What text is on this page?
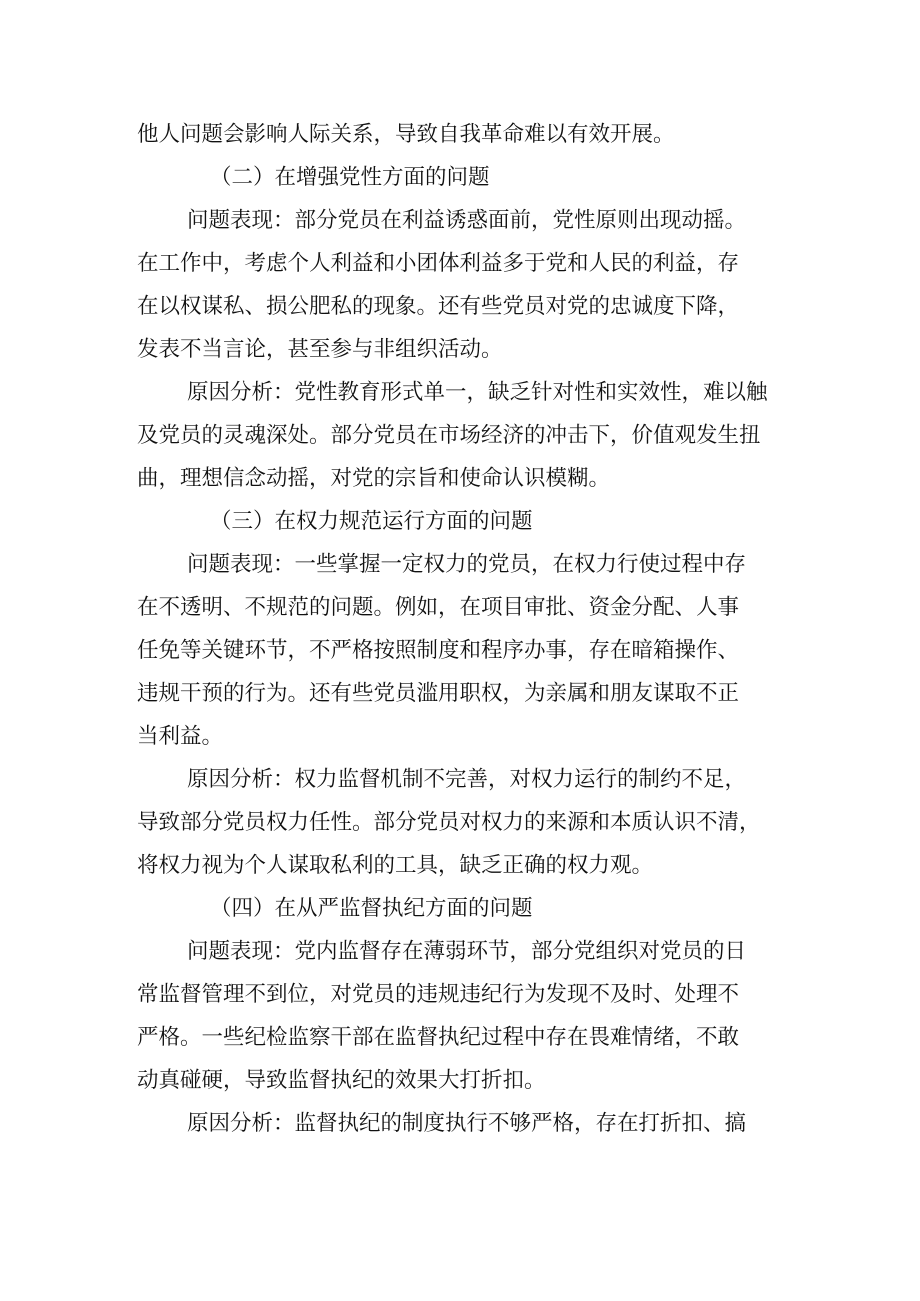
他人问题会影响人际关系，导致自我革命难以有效开展。
（二）在增强党性方面的问题
问题表现：部分党员在利益诱惑面前，党性原则出现动摇。
在工作中，考虑个人利益和小团体利益多于党和人民的利益，存
在以权谋私、损公肥私的现象。还有些党员对党的忠诚度下降，
发表不当言论，甚至参与非组织活动。
原因分析：党性教育形式单一，缺乏针对性和实效性，难以触
及党员的灵魂深处。部分党员在市场经济的冲击下，价值观发生扭
曲，理想信念动摇，对党的宗旨和使命认识模糊。
（三）在权力规范运行方面的问题
问题表现：一些掌握一定权力的党员，在权力行使过程中存
在不透明、不规范的问题。例如，在项目审批、资金分配、人事
任免等关键环节，不严格按照制度和程序办事，存在暗箱操作、
违规干预的行为。还有些党员滥用职权，为亲属和朋友谋取不正
当利益。
原因分析：权力监督机制不完善，对权力运行的制约不足，
导致部分党员权力任性。部分党员对权力的来源和本质认识不清，
将权力视为个人谋取私利的工具，缺乏正确的权力观。
（四）在从严监督执纪方面的问题
问题表现：党内监督存在薄弱环节，部分党组织对党员的日
常监督管理不到位，对党员的违规违纪行为发现不及时、处理不
严格。一些纪检监察干部在监督执纪过程中存在畏难情绪，不敢
动真碰硬，导致监督执纪的效果大打折扣。
原因分析：监督执纪的制度执行不够严格，存在打折扣、搞
